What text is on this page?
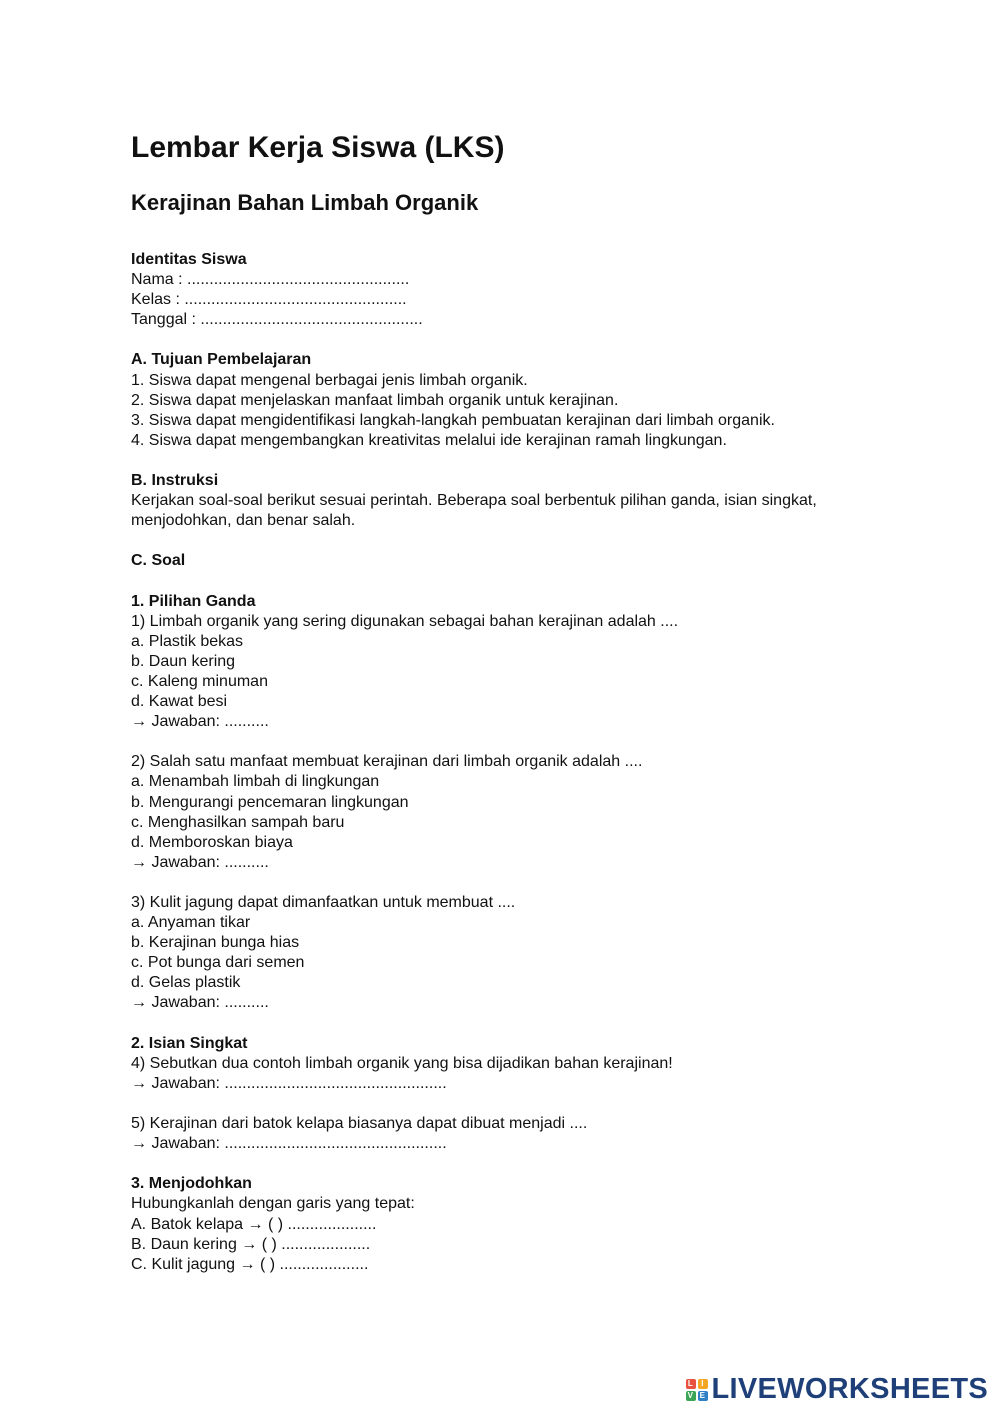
Lembar Kerja Siswa (LKS)
Kerajinan Bahan Limbah Organik
Identitas Siswa
Nama : ..................................................
Kelas : ..................................................
Tanggal : ..................................................
A. Tujuan Pembelajaran
1. Siswa dapat mengenal berbagai jenis limbah organik.
2. Siswa dapat menjelaskan manfaat limbah organik untuk kerajinan.
3. Siswa dapat mengidentifikasi langkah-langkah pembuatan kerajinan dari limbah organik.
4. Siswa dapat mengembangkan kreativitas melalui ide kerajinan ramah lingkungan.
B. Instruksi
Kerjakan soal-soal berikut sesuai perintah. Beberapa soal berbentuk pilihan ganda, isian singkat,
menjodohkan, dan benar salah.
C. Soal
1. Pilihan Ganda
1) Limbah organik yang sering digunakan sebagai bahan kerajinan adalah ....
a. Plastik bekas
b. Daun kering
c. Kaleng minuman
d. Kawat besi
→ Jawaban: ..........
2) Salah satu manfaat membuat kerajinan dari limbah organik adalah ....
a. Menambah limbah di lingkungan
b. Mengurangi pencemaran lingkungan
c. Menghasilkan sampah baru
d. Memboroskan biaya
→ Jawaban: ..........
3) Kulit jagung dapat dimanfaatkan untuk membuat ....
a. Anyaman tikar
b. Kerajinan bunga hias
c. Pot bunga dari semen
d. Gelas plastik
→ Jawaban: ..........
2. Isian Singkat
4) Sebutkan dua contoh limbah organik yang bisa dijadikan bahan kerajinan!
→ Jawaban: ..................................................
5) Kerajinan dari batok kelapa biasanya dapat dibuat menjadi ....
→ Jawaban: ..................................................
3. Menjodohkan
Hubungkanlah dengan garis yang tepat:
A. Batok kelapa → ( ) ....................
B. Daun kering → ( ) ....................
C. Kulit jagung → ( ) ....................
L	I
V E LIVEWORKSHEETS
